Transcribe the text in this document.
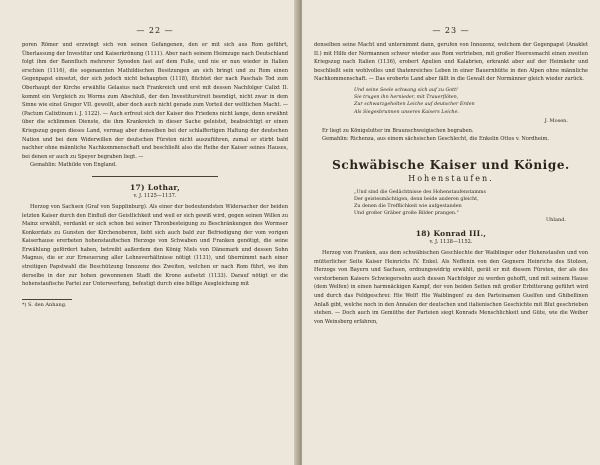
— 22 —

poren Römer und erzwingt sich von seinen Gefangenen, den er mit sich aus Rom geführt, Überlassung der Investitur und Kaiserkrönung (1111). Aber nach seinem Heimzuge nach Deutschland folgt ihm der Bannfluch mehrerer Synoden fast auf dem Fuße, und nie er nun wieder in Italien erschien (1116), die sogenannten Mathildischen Besitzungen an sich bringt und zu Rom einen Gegenpapst einsetzt, der sich jedoch nicht behaupten (1118), flüchtet der nach Paschals Tod zum Oberhaupt der Kirche erwählte Gelasius nach Frankreich und erst mit dessen Nachfolger Calixt II. kommt ein Vergleich zu Worms zum Abschluß, der den Investiturstreit beendigt, nicht zwar in dem Sinne wie einst Gregor VII. gewollt, aber doch auch nicht gerade zum Vorteil der weltlichen Macht. — (Pactum Calixtinum i. J. 1122). — Auch erfreut sich der Kaiser des Friedens nicht lange, denn erwähnt über die schlimmen Dienste, die ihm Krankreich in dieser Sache geleistet, beabsichtigt er einen Kriegszug gegen dieses Land, vermag aber denselben bei der schlaffertigen Haltung der deutschen Nation und bei dem Widerwillen der deutschen Fürsten nicht auszuführen, zumal er stirbt bald nachher ohne männliche Nachkommenschaft und beschließt also die Reihe der Kaiser seines Hauses, bei denen er auch zu Speyer begraben liegt. —

Gemahlin: Mathilde von England.

17) Lothar,
v. J. 1125—1137.

Herzog von Sachsen (Graf von Supplinburg). Als einer der bedeutendsten Widersacher der beiden letzten Kaiser durch den Einfluß der Geistlichkeit und weil er sich gewiß wird, gegen seinen Willen zu Mainz erwählt, verdankt er sich schon bei seiner Thronbesteigung zu Beschränkungen des Wormser Konkordats zu Gunsten der Kirchenoberen, liebt sich auch bald zur Befriedigung der vom vorigen Kaiserhause ererbeten hohenstaufischen Herzoge von Schwaben und Franken genötigt, die seine Erwählung gefördert haben, betreibt außerdem den König Niels von Dänemark und dessen Sohn Magnus, die er zur Erneuerung aller Lehnsverhältnisse nötigt (1131), und übernimmt nach einer streitigen Papstwahl die Beschützung Innozenz des Zweiten, welchen er nach Rom führt, wo ihm derselbe in der zur hohen gewonnenen Stadt die Krone aufsetzt (1133). Darauf nötigt er die hohenstaufische Partei zur Unterwerfung, befestigt durch eine billige Ausgleichung mit

*) S. den Anhang.
— 23 —

denselben seine Macht und unternimmt dann, gerufen von Innozenz, welchem der Gegenpapst (Anaklet II.) mit Hilfe der Normannen schwer wieder aus Rom vertrieben, mit großer Heeresmacht einen zweiten Kriegszug nach Italien (1136), erobert Apulien und Kalabrien, erkrankt aber auf der Heimkehr und beschließt sein wohlvolles und thatenreiches Leben in einer Bauernhütte in den Alpen ohne männliche Nachkommenschaft. — Das eroberte Land aber fällt in die Gewalt der Normänner gleich wieder zurück.

Und seine Seele schwang sich auf zu Gott!
Sie trugen ihn hernieder, mit Trauerflöten,
Zur schwarzgeholten Leiche auf deutscher Erden
Als Siegesbrunnen unseres Kaisers Leiche.
J. Mosen.

Er liegt zu Königslutter im Braunschweigischen begraben.

Gemahlin: Richenza, aus einem sächsischen Geschlecht, die Enkelin Ottos v. Nordheim.

Schwäbische Kaiser und Könige.
Hohenstaufen.
„Und sind die Gedächtnisse des Hohenstaufenstamms
Der geistesmächtigen, denn beide anderen gleicht,
Zu denen die Trefflichkeit wie aufgestanden
Und großer Gräber große Bilder prangen."
Uhland.
18) Konrad III.,
v. J. 1138—1152.

Herzog von Franken, aus dem schwäbischen Geschlechte der Waiblinger oder Hohenstaufen und von mütterlicher Seite Kaiser Heinrichs IV. Enkel. Als Neffenin von den Gegnern Heinrichs des Stolzen, Herzogs von Bayern und Sachsen, ordnungswidrig erwählt, gerät er mit diesem Fürsten, der als des verstorbenen Kaisers Schwiegersohn auch dessen Nachfolger zu werden gehofft, und mit seinem Hause (dem Welfen) in einen harmnäckigen Kampf, der von beiden Seiten mit großer Erbitterung geführt wird und durch das Feldgeschrei: Hie Welf! Hie Waiblingen! zu den Parteinamen Guelfen und Ghibellinen Anlaß gibt, welche noch in den Annalen der deutschen und italienischen Geschichte mit Blut geschrieben stehen. — Doch auch im Gemüthe der Parteien siegt Konrads Menschlichkeit und Güte, wie die Weiber von Weinsberg erfahren,
